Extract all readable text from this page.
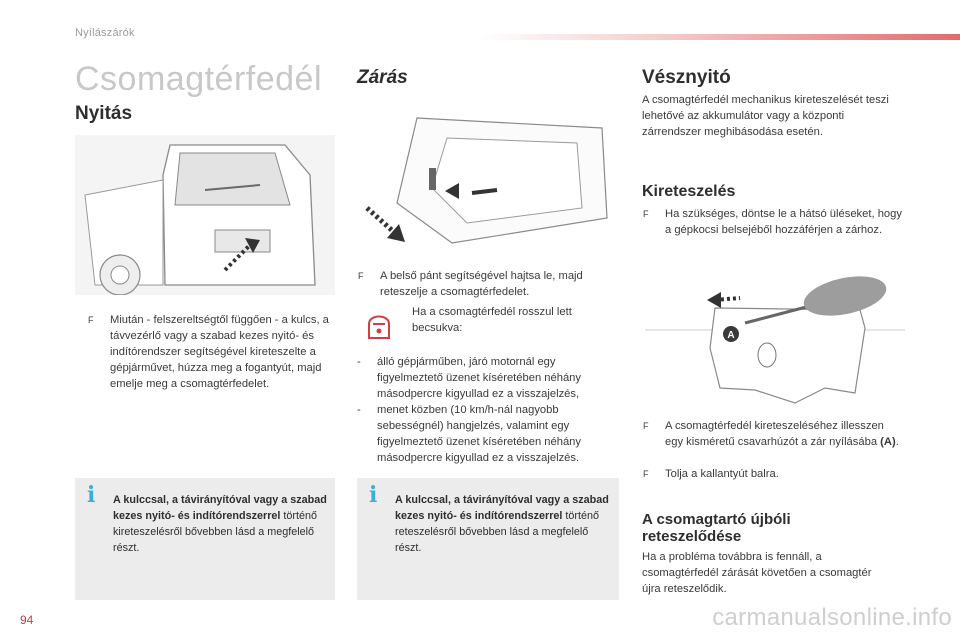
Nyílászárók
Csomagtérfedél
Nyitás
F	Miután - felszereltségtől függően - a kulcs, a távvezérlő vagy a szabad kezes nyitó- és indítórendszer segítségével kireteszelte a gépjárművet, húzza meg a fogantyút, majd emelje meg a csomagtérfedelet.

i A kulccsal, a távirányítóval vagy a szabad kezes nyitó- és indítórendszerrel történő kireteszelésről bővebben lásd a megfelelő részt.
Zárás
F	A belső pánt segítségével hajtsa le, majd reteszelje a csomagtérfedelet.

Ha a csomagtérfedél rosszul lett becsukva:

-	álló gépjárműben, járó motornál egy figyelmeztető üzenet kíséretében néhány másodpercre kigyullad ez a visszajelzés,

-	menet közben (10 km/h-nál nagyobb sebességnél) hangjelzés, valamint egy figyelmeztető üzenet kíséretében néhány másodpercre kigyullad ez a visszajelzés.

i A kulccsal, a távirányítóval vagy a szabad kezes nyitó- és indítórendszerrel történő reteszelésről bővebben lásd a megfelelő részt.
Vésznyitó

A csomagtérfedél mechanikus kireteszelését teszi lehetővé az akkumulátor vagy a központi zárrendszer meghibásodása esetén.

Kireteszelés
F	Ha szükséges, döntse le a hátsó üléseket, hogy a gépkocsi belsejéből hozzáférjen a zárhoz.

A
F	A csomagtérfedél kireteszeléséhez illesszen egy kisméretű csavarhúzót a zár nyílásába (A).

F	Tolja a kallantyút balra.

A csomagtartó újbóli reteszelődése

Ha a probléma továbbra is fennáll, a csomagtérfedél zárását követően a csomagtér újra reteszelődik.

94	carmanualsonline.info
